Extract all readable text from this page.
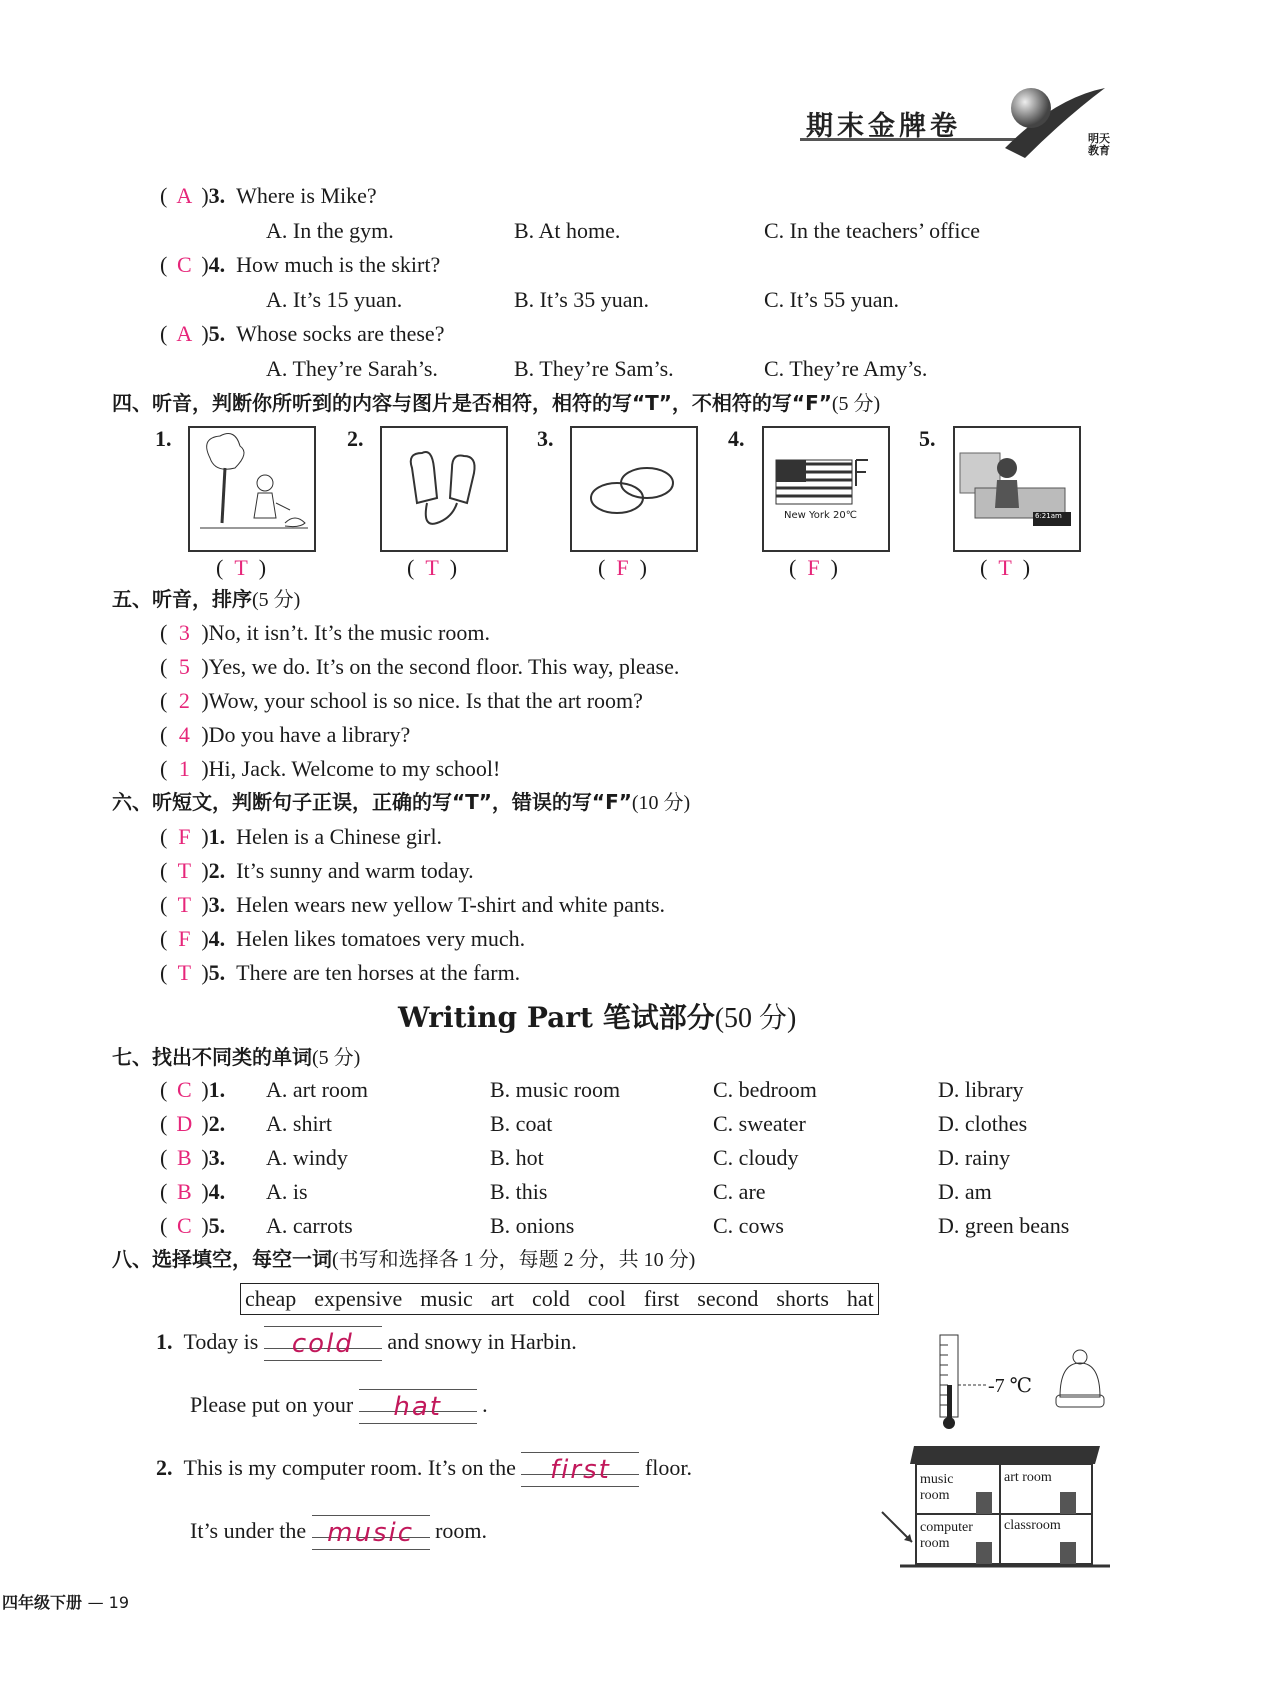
期末金牌卷	明天教育
( A )3. Where is Mike?
A. In the gym.	B. At home.	C. In the teachers’ office
( C )4. How much is the skirt?
A. It’s 15 yuan.	B. It’s 35 yuan.	C. It’s 55 yuan.
( A )5. Whose socks are these?
A. They’re Sarah’s.	B. They’re Sam’s.	C. They’re Amy’s.
四、听音，判断你所听到的内容与图片是否相符，相符的写“T”，不相符的写“F”(5 分)
1.	2.	3.	4.
New York 20℃
5.
6:21am
(  T  )	(  T  )	(  F  )	(  F  )	(  T  )
五、听音，排序(5 分)
( 3 )No, it isn’t. It’s the music room.
( 5 )Yes, we do. It’s on the second floor. This way, please.
( 2 )Wow, your school is so nice. Is that the art room?
( 4 )Do you have a library?
( 1 )Hi, Jack. Welcome to my school!
六、听短文，判断句子正误，正确的写“T”，错误的写“F”(10 分)
( F )1. Helen is a Chinese girl.
( T )2. It’s sunny and warm today.
( T )3. Helen wears new yellow T-shirt and white pants.
( F )4. Helen likes tomatoes very much.
( T )5. There are ten horses at the farm.
Writing Part 笔试部分(50 分)
七、找出不同类的单词(5 分)
( C )1. A. art room	B. music room	C. bedroom	D. library
( D )2. A. shirt	B. coat	C. sweater	D. clothes
( B )3. A. windy	B. hot	C. cloudy	D. rainy
( B )4. A. is	B. this	C. are	D. am
( C )5. A. carrots	B. onions	C. cows	D. green beans
八、选择填空，每空一词(书写和选择各 1 分，每题 2 分，共 10 分)
cheap expensive music art cold cool first second shorts hat
1. Today is	cold	and snowy in Harbin.
Please put on your	hat	.
-7 ℃
2. This is my computer room. It’s on the	first	floor.
It’s under the music room.
music room
art room
computer room
classroom
四年级下册 — 19
